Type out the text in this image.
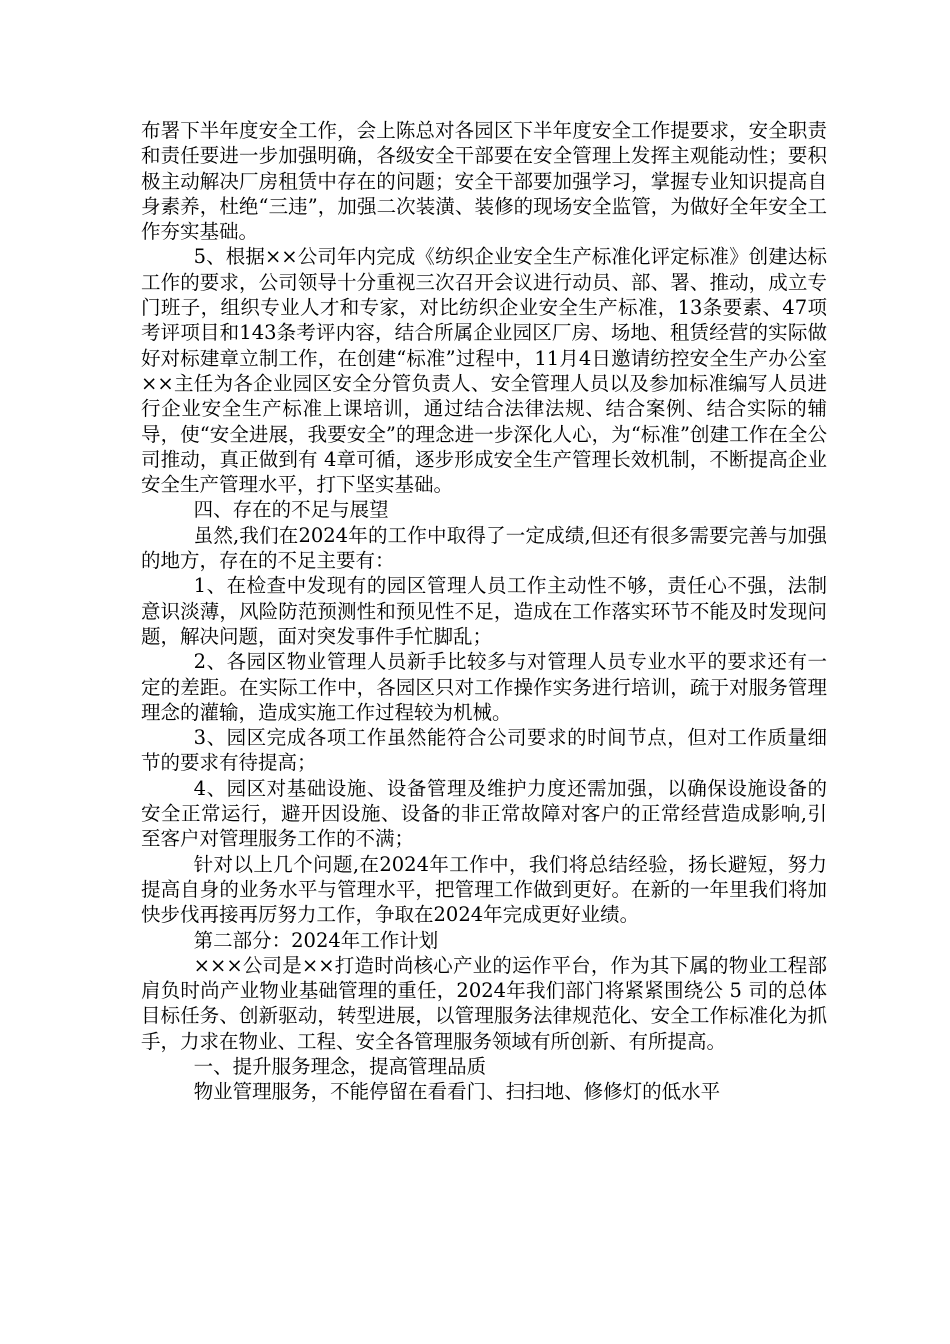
布署下半年度安全工作，会上陈总对各园区下半年度安全工作提要求，安全职责和责任要进一步加强明确，各级安全干部要在安全管理上发挥主观能动性；要积极主动解决厂房租赁中存在的问题；安全干部要加强学习，掌握专业知识提高自身素养，杜绝“三违”，加强二次装潢、装修的现场安全监管，为做好全年安全工作夯实基础。

5、根据××公司年内完成《纺织企业安全生产标准化评定标准》创建达标工作的要求，公司领导十分重视三次召开会议进行动员、部、署、推动，成立专门班子，组织专业人才和专家，对比纺织企业安全生产标准，13条要素、47项考评项目和143条考评内容，结合所属企业园区厂房、场地、租赁经营的实际做好对标建章立制工作，在创建“标准”过程中，11月4日邀请纺控安全生产办公室××主任为各企业园区安全分管负责人、安全管理人员以及参加标准编写人员进行企业安全生产标准上课培训，通过结合法律法规、结合案例、结合实际的辅导，使“安全进展，我要安全”的理念进一步深化人心，为“标准”创建工作在全公司推动，真正做到有 4章可循，逐步形成安全生产管理长效机制，不断提高企业安全生产管理水平，打下坚实基础。

四、存在的不足与展望

虽然,我们在2024年的工作中取得了一定成绩,但还有很多需要完善与加强的地方，存在的不足主要有：

1、在检查中发现有的园区管理人员工作主动性不够，责任心不强，法制意识淡薄，风险防范预测性和预见性不足，造成在工作落实环节不能及时发现问题，解决问题，面对突发事件手忙脚乱；

2、各园区物业管理人员新手比较多与对管理人员专业水平的要求还有一定的差距。在实际工作中，各园区只对工作操作实务进行培训，疏于对服务管理理念的灌输，造成实施工作过程较为机械。

3、园区完成各项工作虽然能符合公司要求的时间节点，但对工作质量细节的要求有待提高；

4、园区对基础设施、设备管理及维护力度还需加强，以确保设施设备的安全正常运行，避开因设施、设备的非正常故障对客户的正常经营造成影响,引至客户对管理服务工作的不满；

针对以上几个问题,在2024年工作中，我们将总结经验，扬长避短，努力提高自身的业务水平与管理水平，把管理工作做到更好。在新的一年里我们将加快步伐再接再厉努力工作，争取在2024年完成更好业绩。

第二部分：2024年工作计划

×××公司是××打造时尚核心产业的运作平台，作为其下属的物业工程部肩负时尚产业物业基础管理的重任，2024年我们部门将紧紧围绕公 5 司的总体目标任务、创新驱动，转型进展，以管理服务法律规范化、安全工作标准化为抓手，力求在物业、工程、安全各管理服务领域有所创新、有所提高。

一、提升服务理念，提高管理品质

物业管理服务，不能停留在看看门、扫扫地、修修灯的低水平
